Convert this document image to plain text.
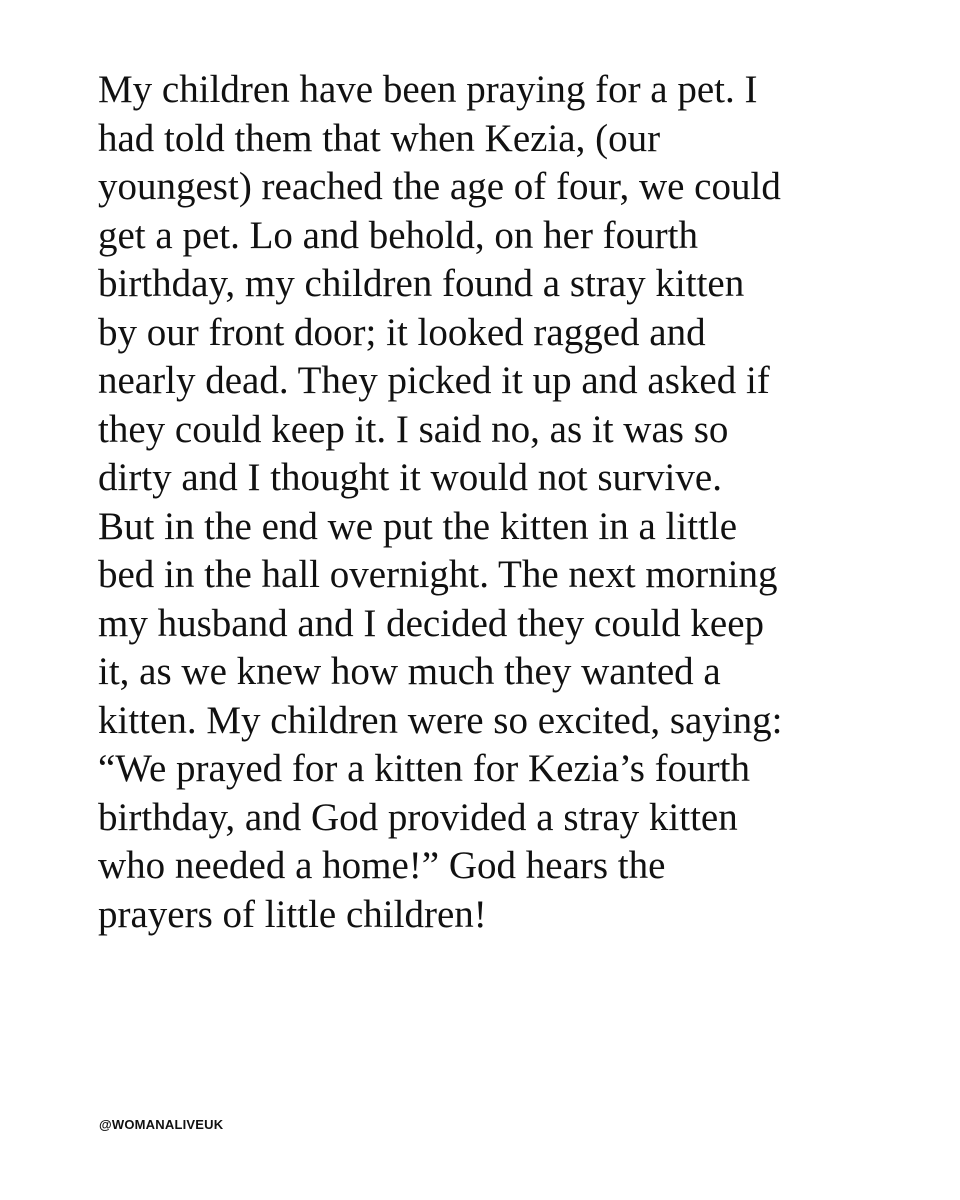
My children have been praying for a pet. I
had told them that when Kezia, (our
youngest) reached the age of four, we could
get a pet. Lo and behold, on her fourth
birthday, my children found a stray kitten
by our front door; it looked ragged and
nearly dead. They picked it up and asked if
they could keep it. I said no, as it was so
dirty and I thought it would not survive.
But in the end we put the kitten in a little
bed in the hall overnight. The next morning
my husband and I decided they could keep
it, as we knew how much they wanted a
kitten. My children were so excited, saying:
“We prayed for a kitten for Kezia’s fourth
birthday, and God provided a stray kitten
who needed a home!” God hears the
prayers of little children!
@WOMANALIVEUK
